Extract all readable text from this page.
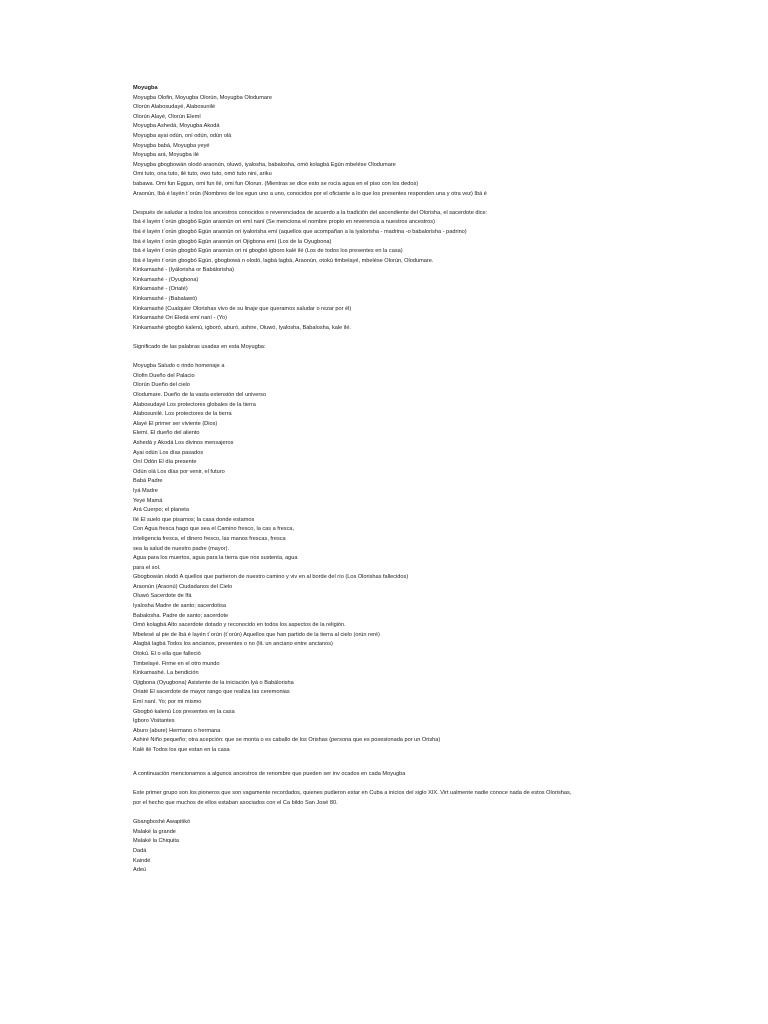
Moyugba
Moyugba Olofin, Moyugba Olorún, Moyugba Olodumare
Olorún Alabosudayé, Alabosunilé
Olorún Alayé, Olorún Elemí
Moyugba Ashedá, Moyugba Akodá
Moyugba ayai odún, oní odún, odún olá
Moyugba babá, Moyugba yeyé
Moyugba ará, Moyugba ilé
Moyugba gbogbowán olodó araonún, oluwó, iyalosha, babalosha, omó kolagbá Egún mbelése Olodumare
Omi tuto, ona tuto, ilé tuto, owo tuto, omó tuto nini, ariku
babawa. Omi fun Eggun, omi fun ilé, omi fun Olorun. (Mientras se dice esto se rocía agua en el piso con los dedos)
Araonún, Ibá é layén t´orún (Nombres de los egun uno a uno, conocidos por el oficiante a lo que los presentes responden una y otra vez) Ibá é
Después de saludar a todos los ancestros conocidos o reverenciados de acuerdo a la tradición del ascendiente del Olorisha, el sacerdote dice:
Ibá é layén t´orún gbogbó Egún araonún ori emí naní (Se menciona el nombre propio en reverencia a nuestros ancestros)
Ibá é layén t´orún gbogbó Egún araonún ori iyalorisha emí (aquellos que acompañan a la iyalorisha - madrina -o babalorisha - padrino)
Ibá é layén t´orún gbogbó Egún araonún ori Ojigbona emí (Los de la Oyugbona)
Ibá é layén t´orún gbogbó Egún araonún ori ni gbogbó igboro kalé ilé (Los de todos los presentes en la casa)
Ibá é layén t´orún gbogbó Egún, gbogbowá n olodó, lagbá lagbá, Araonún, otokú timbelayé, mbelése Olorún, Olodumare.
Kinkamashé - (Iyálorisha or Babálorisha)
Kinkamashé - (Oyugbona)
Kinkamashé - (Oriaté)
Kinkamashé - (Babalawó)
Kinkamashé (Cualquier Olorishas vivo de su linaje que queramos saludar o rezar por él)
Kinkamashé Ori Eledá emí naní - (Yo)
Kinkamashé gbogbó kalenú, igboró, aburó, ashire, Oluwó, Iyalosha, Babalosha, kale ilé.
Significado de las palabras usadas en esta Moyugba:
Moyugba Saludo o rindo homenaje a
Olofin Dueño del Palacio
Olorún Dueño del cielo
Olodumare. Dueño de la vasta extensión del universo
Alabosudayé Los protectores globales de la tierra
Alabosunilé. Los protectores de la tierra
Alayé El primer ser viviente (Dios)
Elemí. El dueño del aliento
Ashedá y Akodá Los divinos mensajeros
Ayai odún Los días pasados
Oní Odón El día presente
Odún olá Los días por venir, el futuro
Babá Padre
Iyá Madre
Yeyé Mamá
Ará Cuerpo; el planeta
Ilé El suelo que pisamos; la casa donde estamos
Con Agua fresca hago que sea el Camino fresco, la cas a fresca,
inteligencia fresca, el dinero fresco, las manos frescas, fresca
sea la salud de nuestro padre (mayor).
Agua para los muertos, agua para la tierra que nos sustenta, agua
para el sol.
Gbogbowán olodó A quellos que partieron de nuestro camino y viv en al borde del río (Los Olorishas fallecidos)
Araonún (Araonú) Ciudadanos del Cielo
Oluwó Sacerdote de Ifá
Iyalosha Madre de santo; sacerdotisa
Babalosha. Padre de santo; sacerdote
Omó kolagbá Alto sacerdote dotado y reconocido en todos los aspectos de la religión.
Mbelesé al pie de Ibá é layén t´orún (t´orún) Aquellos que han partido de la tierra al cielo (orún reré)
Alagbá lagbá Todos los ancianos, presentes o no (lit. un anciano entre ancianos)
Otokú. El o ella que falleció
Timbelayé. Firme en el otro mundo
Kinkamashé. La bendición
Ojigbona (Oyugbona) Asistente de la iniciación Iyá o Babálorisha
Oriaté El sacerdote de mayor rango que realiza las ceremonias
Emí naní. Yo; por mi mismo
Gbogbó kalenú Los presentes en la casa
Igboro Visitantes
Aburo (abure) Hermano o hermana
Ashiré Niño pequeño; otra acepción: que se monta o es caballo de los Orishas (persona que es posesionada por un Orisha)
Kalé ilé Todos los que estan en la casa
A continuación mencionamos a algunos ancestros de renombre que pueden ser inv ocados en cada Moyugba
Este primer grupo son los pioneros que son vagamente recordados, quienes pudieron estar en Cuba a inicios del siglo XIX. Virt ualmente nadie conoce nada de estos Olorishas,
por el hecho que muchos de ellos estaban asociados con el Ca bildo San José 80.
Gbangboshé Awapitikó
Malaké la grande
Malaké la Chiquita
Dadá
Kaindé
Adeú
